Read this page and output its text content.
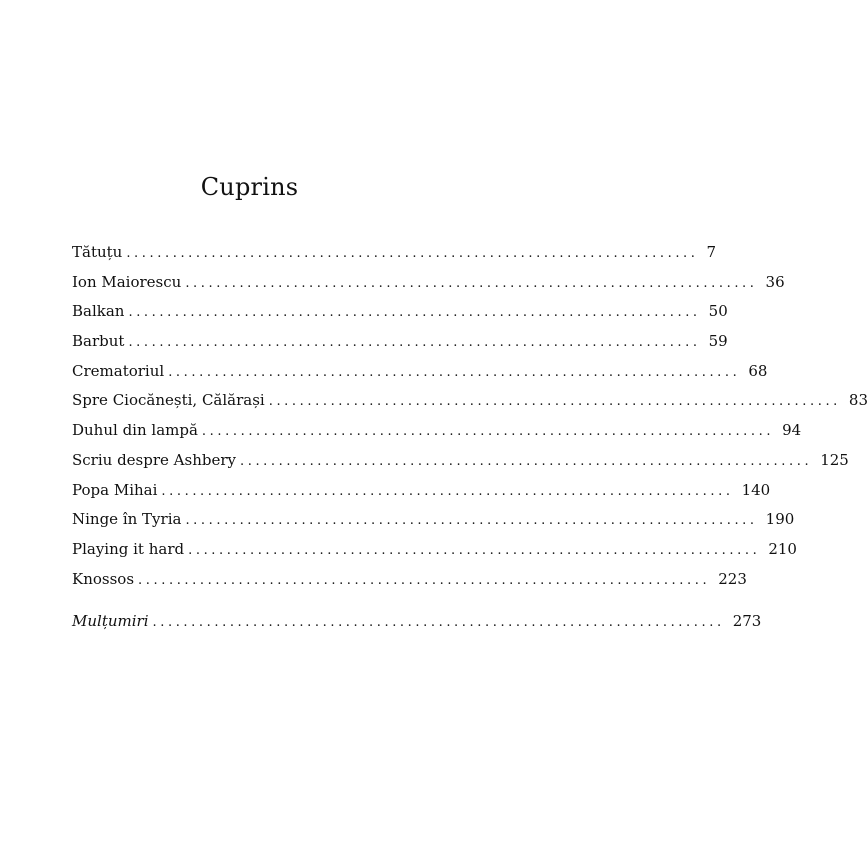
Cuprins
Tătuțu .......................................................................... 7
Ion Maiorescu .......................................................................... 36
Balkan .......................................................................... 50
Barbut .......................................................................... 59
Crematoriul .......................................................................... 68
Spre Ciocănești, Călărași .......................................................................... 83
Duhul din lampă .......................................................................... 94
Scriu despre Ashbery .......................................................................... 125
Popa Mihai .......................................................................... 140
Ninge în Tyria .......................................................................... 190
Playing it hard .......................................................................... 210
Knossos .......................................................................... 223
Mulțumiri .......................................................................... 273
